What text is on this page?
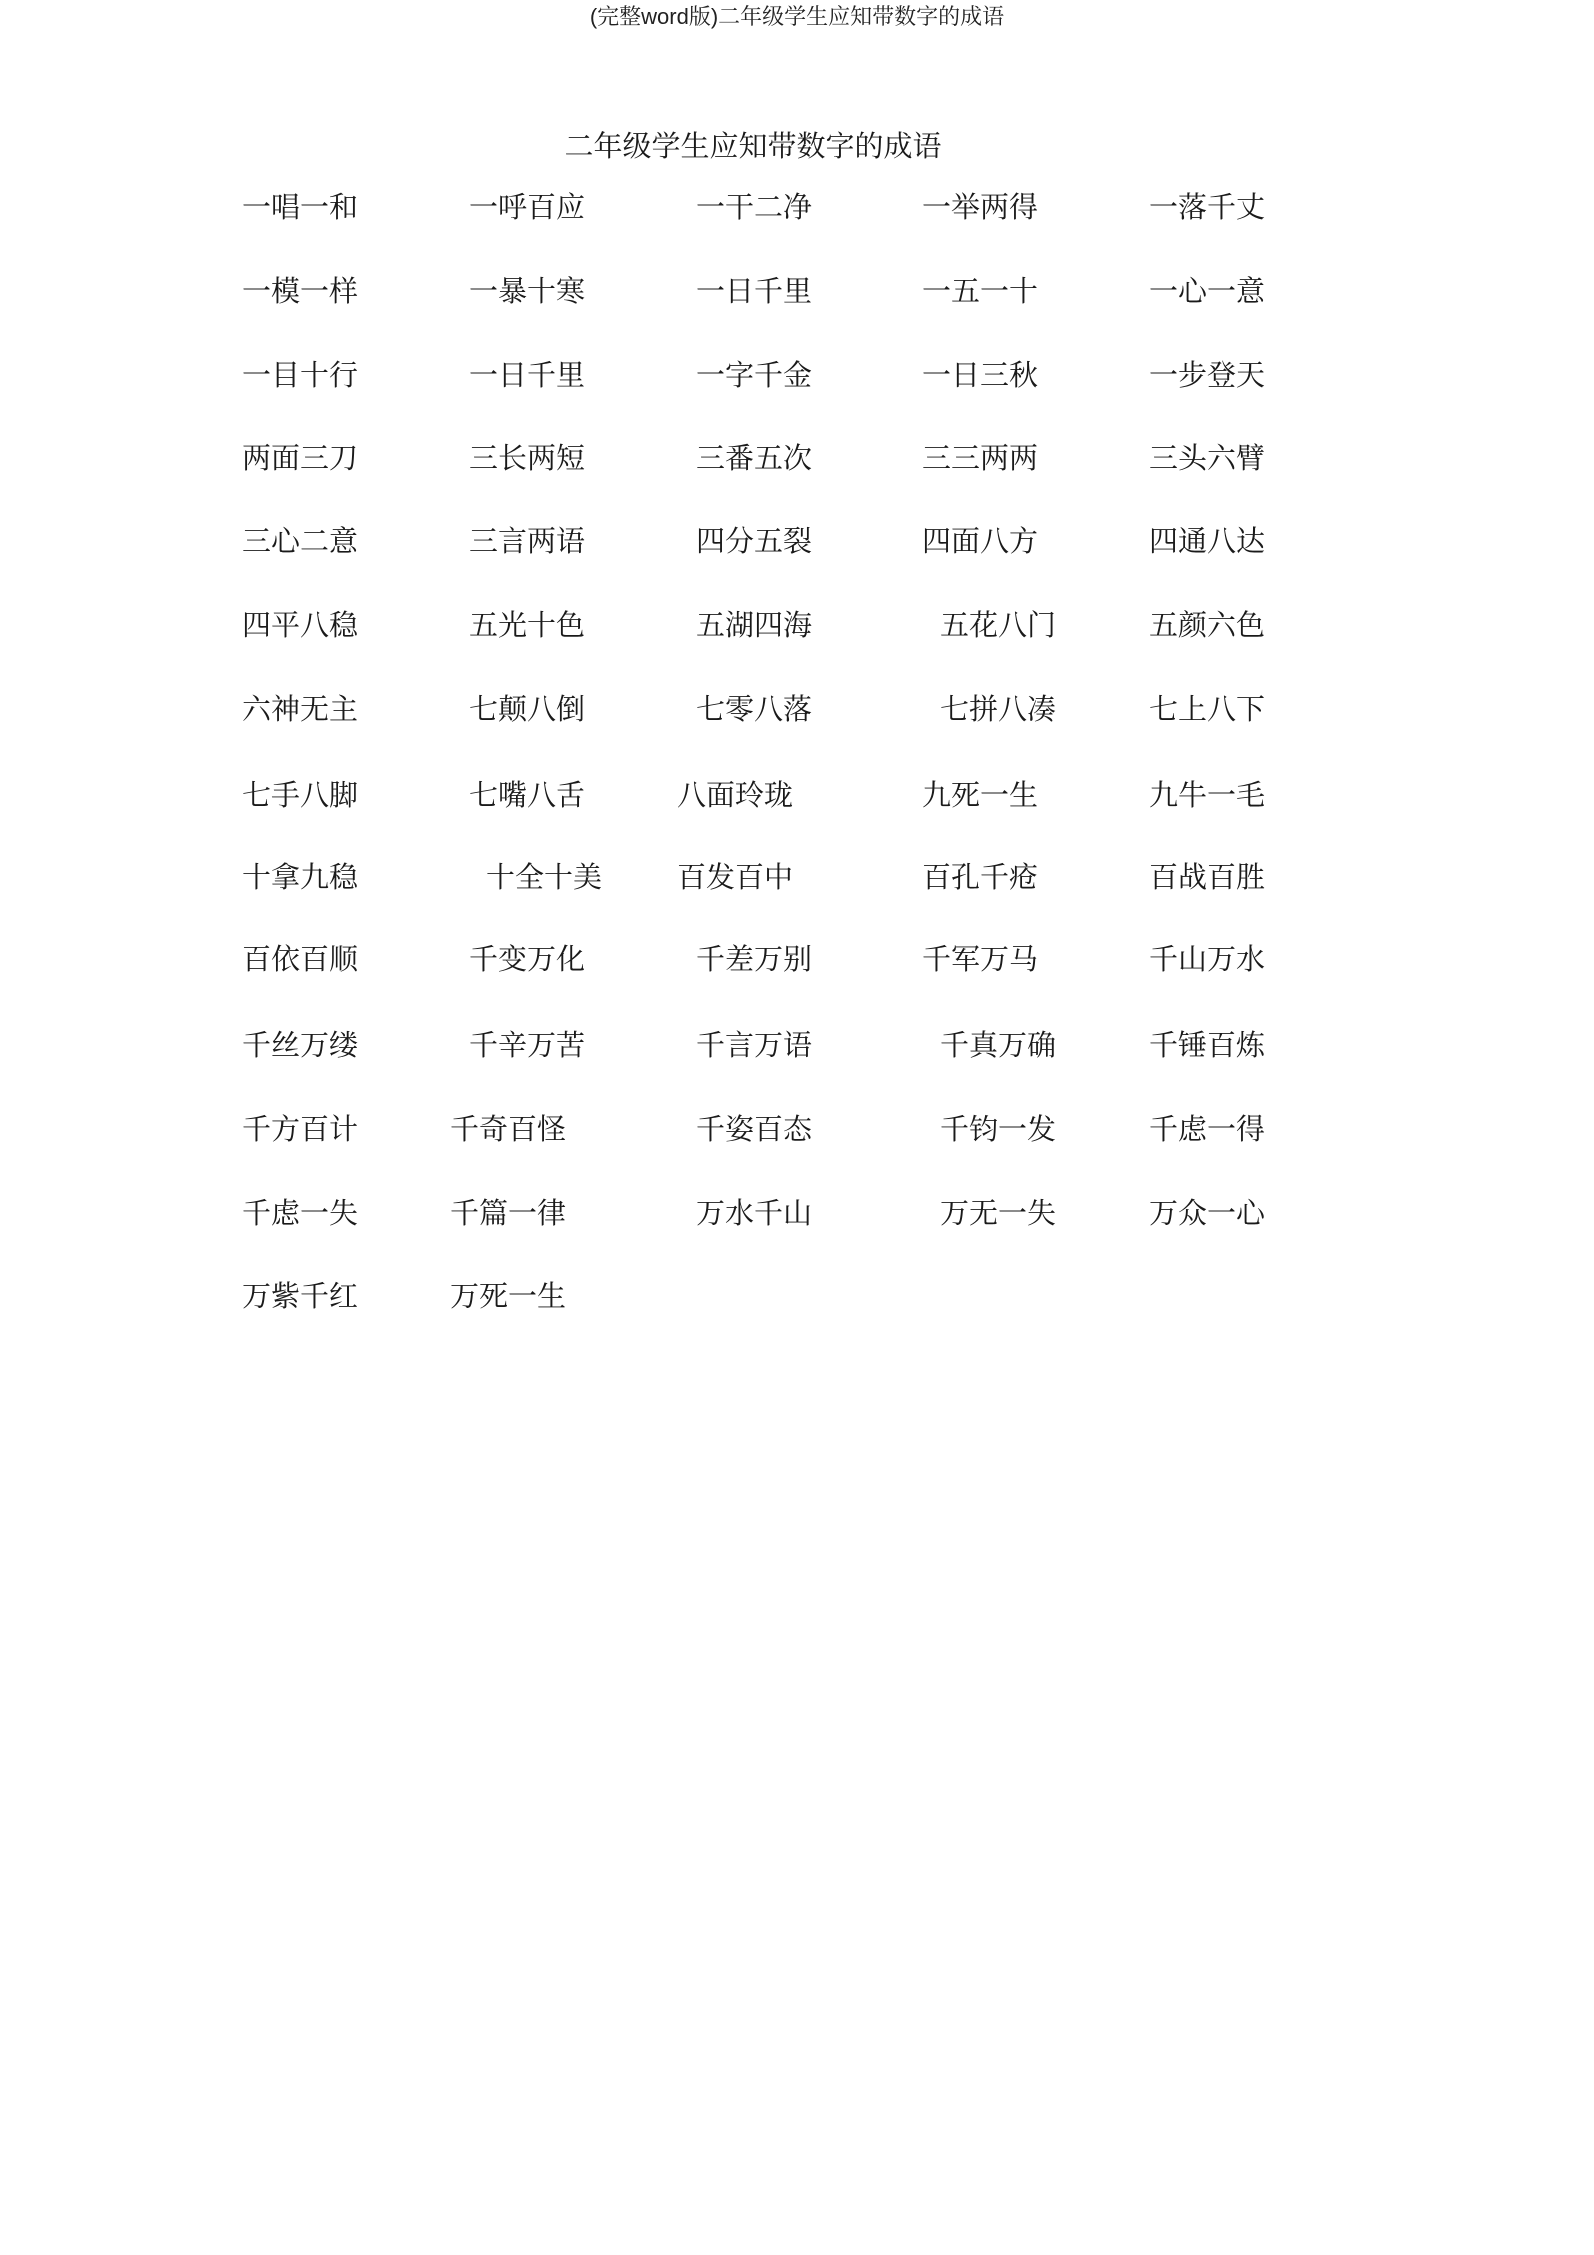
(完整word版)二年级学生应知带数字的成语
二年级学生应知带数字的成语
一唱一和	一呼百应	一干二净	一举两得	一落千丈
一模一样	一暴十寒	一日千里	一五一十	一心一意
一目十行	一日千里	一字千金	一日三秋	一步登天
两面三刀	三长两短	三番五次	三三两两	三头六臂
三心二意	三言两语	四分五裂	四面八方	四通八达
四平八稳	五光十色	五湖四海	五花八门	五颜六色
六神无主	七颠八倒	七零八落	七拼八凑	七上八下
七手八脚	七嘴八舌	八面玲珑	九死一生	九牛一毛
十拿九稳	十全十美	百发百中	百孔千疮	百战百胜
百依百顺	千变万化	千差万别	千军万马	千山万水
千丝万缕	千辛万苦	千言万语	千真万确	千锤百炼
千方百计	千奇百怪	千姿百态	千钧一发	千虑一得
千虑一失	千篇一律	万水千山	万无一失	万众一心
万紫千红	万死一生
